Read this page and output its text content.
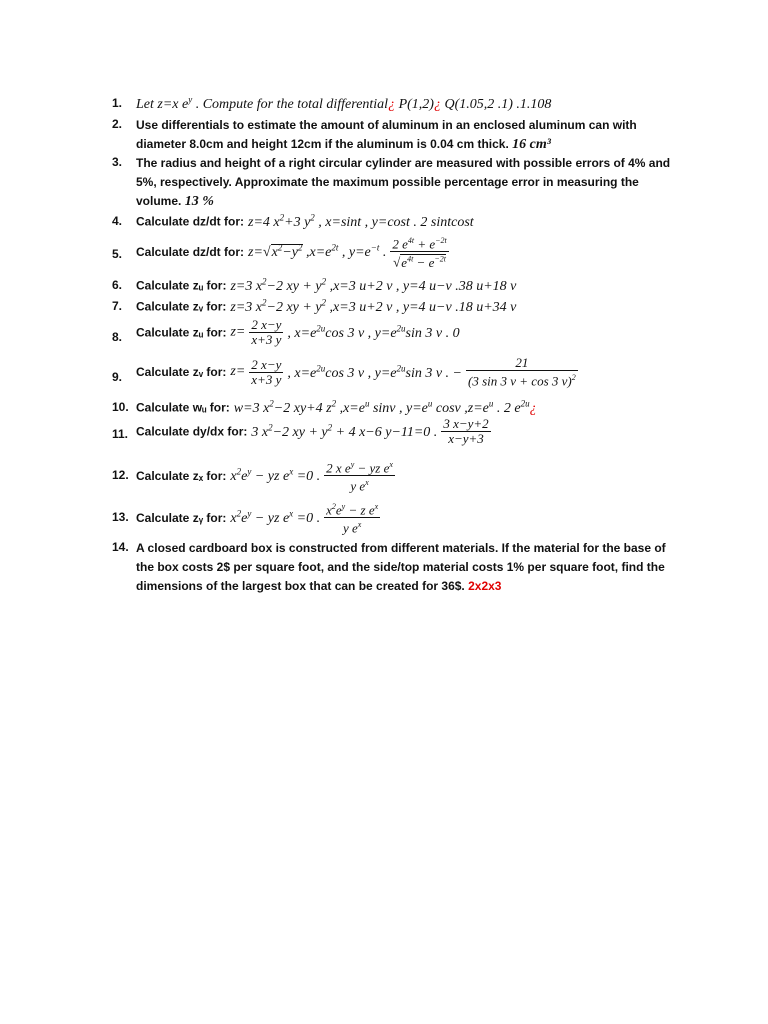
1. Let z=x $e^y$ . Compute for the total differential¿ P(1,2)¿ Q(1.05,2 .1) .1.108
2.	Use differentials to estimate the amount of aluminum in an enclosed aluminum can with diameter 8.0cm and height 12cm if the aluminum is 0.04 cm thick. 16 cm³
3.	The radius and height of a right circular cylinder are measured with possible errors of 4% and 5%, respectively. Approximate the maximum possible percentage error in measuring the volume. 13 %
4.	Calculate dz/dt for: z=4 $x^2+3$ $y^2$ , x=sint , y=cost . 2 sintcost
5.	Calculate dz/dt for: $z=√x^2-y^2$ $,x=e^{2t}$ , $y=e^{-t}$ . $\frac{2 e^{4t} + e^{-2t}}{√e^{4t} - e^{-2t}}$
6.	Calculate zᵤ for: z=3 $x^2-2$ xy + $y^2$ ,x=3 u+2 v , y=4 u−v .38 u+18 v
7.	Calculate zᵥ for: z=3 $x^2-2$ xy + $y^2$ ,x=3 u+2 v , y=4 u−v .18 u+34 v
8.	Calculate zᵤ for: $z= \frac{2 x-y}{x+3 y}$ , $x=e^{2u}\cos$ 3 v , $y=e^{2u}\sin$ 3 v . 0
9.	Calculate zᵥ for: $z= \frac{2 x-y}{x+3 y}$ , $x=e^{2u}\cos$ 3 v , $y=e^{2u}\sin$ 3 v . − $\frac{21}{(3 \sin 3 v + \cos 3 v)^2}$
10. Calculate wᵤ for: w=3 $x^2-2$ xy+4 $z^2$ $,x=e^u$ sinv , $y=e^u$ cosv $,z=e^u$ . 2 $e^{2u}¿$
11. Calculate dy/dx for: 3 $x^2-2$ xy + $y^2 + 4$ x−6 y−11=0 . $\frac{3 x-y+2}{x-y+3}$
12. Calculate zₓ for: $x^2e^y$ − yz $e^x =0$ . $\frac{2 x e^y - yz e^x}{y e^x}$
13. Calculate zᵧ for: $x^2e^y$ − yz $e^x =0$ . $\frac{x^2e^y - z e^x}{y e^x}$
14. A closed cardboard box is constructed from different materials. If the material for the base of the box costs 2$ per square foot, and the side/top material costs 1% per square foot, find the dimensions of the largest box that can be created for 36$. 2x2x3
